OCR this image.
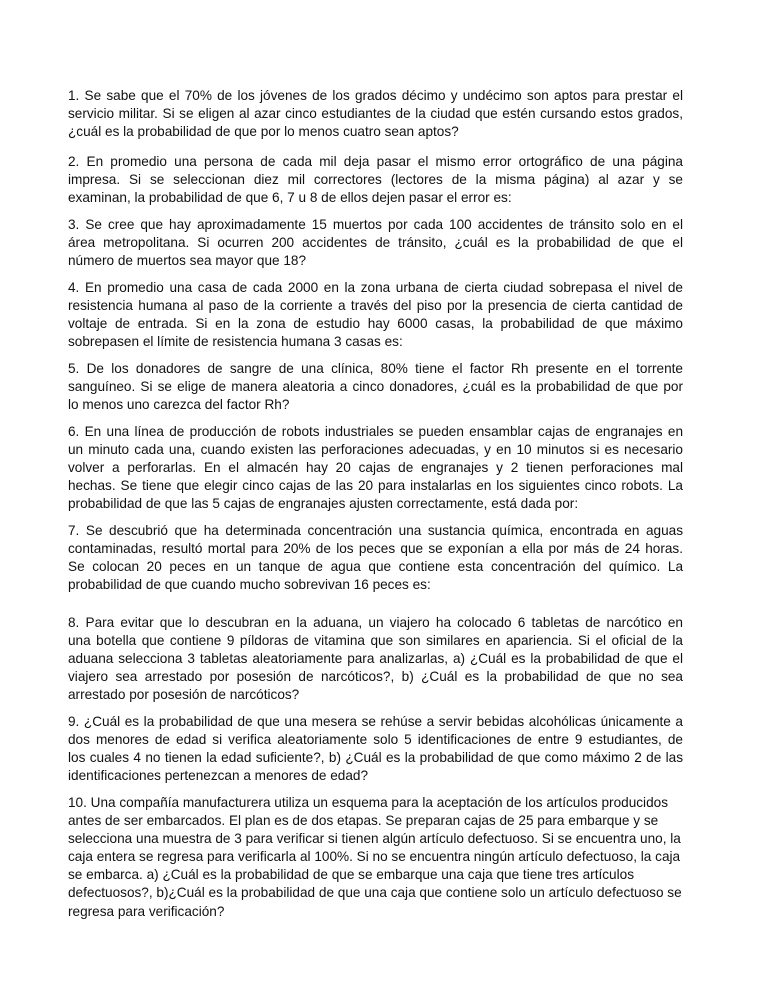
1. Se sabe que el 70% de los jóvenes de los grados décimo y undécimo son aptos para prestar el
servicio militar. Si se eligen al azar cinco estudiantes de la ciudad que estén cursando estos grados,
¿cuál es la probabilidad de que por lo menos cuatro sean aptos?

2. En promedio una persona de cada mil deja pasar el mismo error ortográfico de una página
impresa. Si se seleccionan diez mil correctores (lectores de la misma página) al azar y se
examinan, la probabilidad de que 6, 7 u 8 de ellos dejen pasar el error es:

3. Se cree que hay aproximadamente 15 muertos por cada 100 accidentes de tránsito solo en el
área metropolitana. Si ocurren 200 accidentes de tránsito, ¿cuál es la probabilidad de que el
número de muertos sea mayor que 18?

4. En promedio una casa de cada 2000 en la zona urbana de cierta ciudad sobrepasa el nivel de
resistencia humana al paso de la corriente a través del piso por la presencia de cierta cantidad de
voltaje de entrada. Si en la zona de estudio hay 6000 casas, la probabilidad de que máximo
sobrepasen el límite de resistencia humana 3 casas es:

5. De los donadores de sangre de una clínica, 80% tiene el factor Rh presente en el torrente
sanguíneo. Si se elige de manera aleatoria a cinco donadores, ¿cuál es la probabilidad de que por
lo menos uno carezca del factor Rh?

6. En una línea de producción de robots industriales se pueden ensamblar cajas de engranajes en
un minuto cada una, cuando existen las perforaciones adecuadas, y en 10 minutos si es necesario
volver a perforarlas. En el almacén hay 20 cajas de engranajes y 2 tienen perforaciones mal
hechas. Se tiene que elegir cinco cajas de las 20 para instalarlas en los siguientes cinco robots. La
probabilidad de que las 5 cajas de engranajes ajusten correctamente, está dada por:

7. Se descubrió que ha determinada concentración una sustancia química, encontrada en aguas
contaminadas, resultó mortal para 20% de los peces que se exponían a ella por más de 24 horas.
Se colocan 20 peces en un tanque de agua que contiene esta concentración del químico. La
probabilidad de que cuando mucho sobrevivan 16 peces es:

8. Para evitar que lo descubran en la aduana, un viajero ha colocado 6 tabletas de narcótico en
una botella que contiene 9 píldoras de vitamina que son similares en apariencia. Si el oficial de la
aduana selecciona 3 tabletas aleatoriamente para analizarlas, a) ¿Cuál es la probabilidad de que el
viajero sea arrestado por posesión de narcóticos?, b) ¿Cuál es la probabilidad de que no sea
arrestado por posesión de narcóticos?

9. ¿Cuál es la probabilidad de que una mesera se rehúse a servir bebidas alcohólicas únicamente a
dos menores de edad si verifica aleatoriamente solo 5 identificaciones de entre 9 estudiantes, de
los cuales 4 no tienen la edad suficiente?, b) ¿Cuál es la probabilidad de que como máximo 2 de las
identificaciones pertenezcan a menores de edad?

10. Una compañía manufacturera utiliza un esquema para la aceptación de los artículos producidos
antes de ser embarcados. El plan es de dos etapas. Se preparan cajas de 25 para embarque y se
selecciona una muestra de 3 para verificar si tienen algún artículo defectuoso. Si se encuentra uno, la
caja entera se regresa para verificarla al 100%. Si no se encuentra ningún artículo defectuoso, la caja
se embarca. a) ¿Cuál es la probabilidad de que se embarque una caja que tiene tres artículos
defectuosos?, b)¿Cuál es la probabilidad de que una caja que contiene solo un artículo defectuoso se
regresa para verificación?
